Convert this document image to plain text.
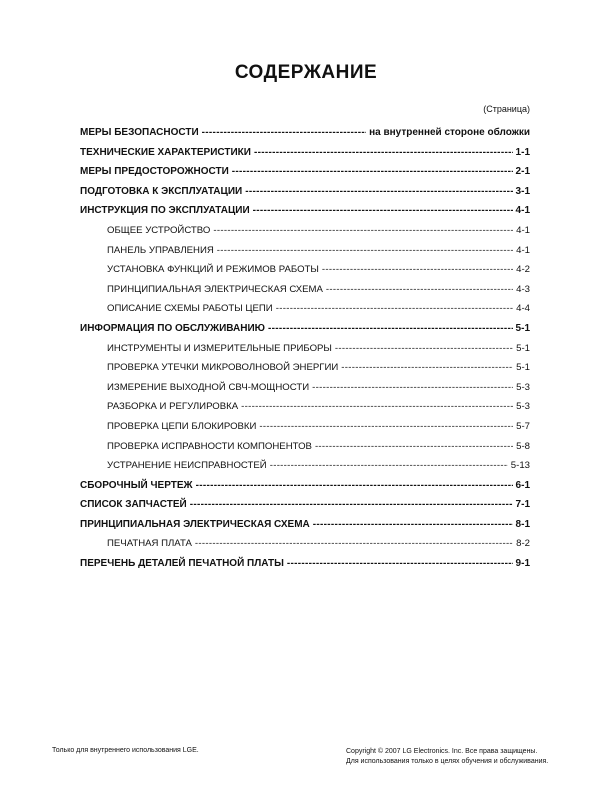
СОДЕРЖАНИЕ
(Страница)
МЕРЫ БЕЗОПАСНОСТИ -----	на внутренней стороне обложки
ТЕХНИЧЕСКИЕ ХАРАКТЕРИСТИКИ -----	1-1
МЕРЫ ПРЕДОСТОРОЖНОСТИ -----	2-1
ПОДГОТОВКА К ЭКСПЛУАТАЦИИ -----	3-1
ИНСТРУКЦИЯ ПО ЭКСПЛУАТАЦИИ -----	4-1
ОБЩЕЕ УСТРОЙСТВО -----	4-1
ПАНЕЛЬ УПРАВЛЕНИЯ -----	4-1
УСТАНОВКА ФУНКЦИЙ И РЕЖИМОВ РАБОТЫ -----	4-2
ПРИНЦИПИАЛЬНАЯ ЭЛЕКТРИЧЕСКАЯ СХЕМА -----	4-3
ОПИСАНИЕ СХЕМЫ РАБОТЫ ЦЕПИ -----	4-4
ИНФОРМАЦИЯ ПО ОБСЛУЖИВАНИЮ -----	5-1
ИНСТРУМЕНТЫ И ИЗМЕРИТЕЛЬНЫЕ ПРИБОРЫ -----	5-1
ПРОВЕРКА УТЕЧКИ МИКРОВОЛНОВОЙ ЭНЕРГИИ -----	5-1
ИЗМЕРЕНИЕ ВЫХОДНОЙ СВЧ-МОЩНОСТИ -----	5-3
РАЗБОРКА И РЕГУЛИРОВКА -----	5-3
ПРОВЕРКА ЦЕПИ БЛОКИРОВКИ -----	5-7
ПРОВЕРКА ИСПРАВНОСТИ КОМПОНЕНТОВ -----	5-8
УСТРАНЕНИЕ НЕИСПРАВНОСТЕЙ -----	5-13
СБОРОЧНЫЙ ЧЕРТЕЖ -----	6-1
СПИСОК ЗАПЧАСТЕЙ -----	7-1
ПРИНЦИПИАЛЬНАЯ ЭЛЕКТРИЧЕСКАЯ СХЕМА -----	8-1
ПЕЧАТНАЯ ПЛАТА -----	8-2
ПЕРЕЧЕНЬ ДЕТАЛЕЙ ПЕЧАТНОЙ ПЛАТЫ -----	9-1
Только для внутреннего использования LGE.	Copyright © 2007 LG Electronics. Inc. Все права защищены.
Для использования только в целях обучения и обслуживания.
